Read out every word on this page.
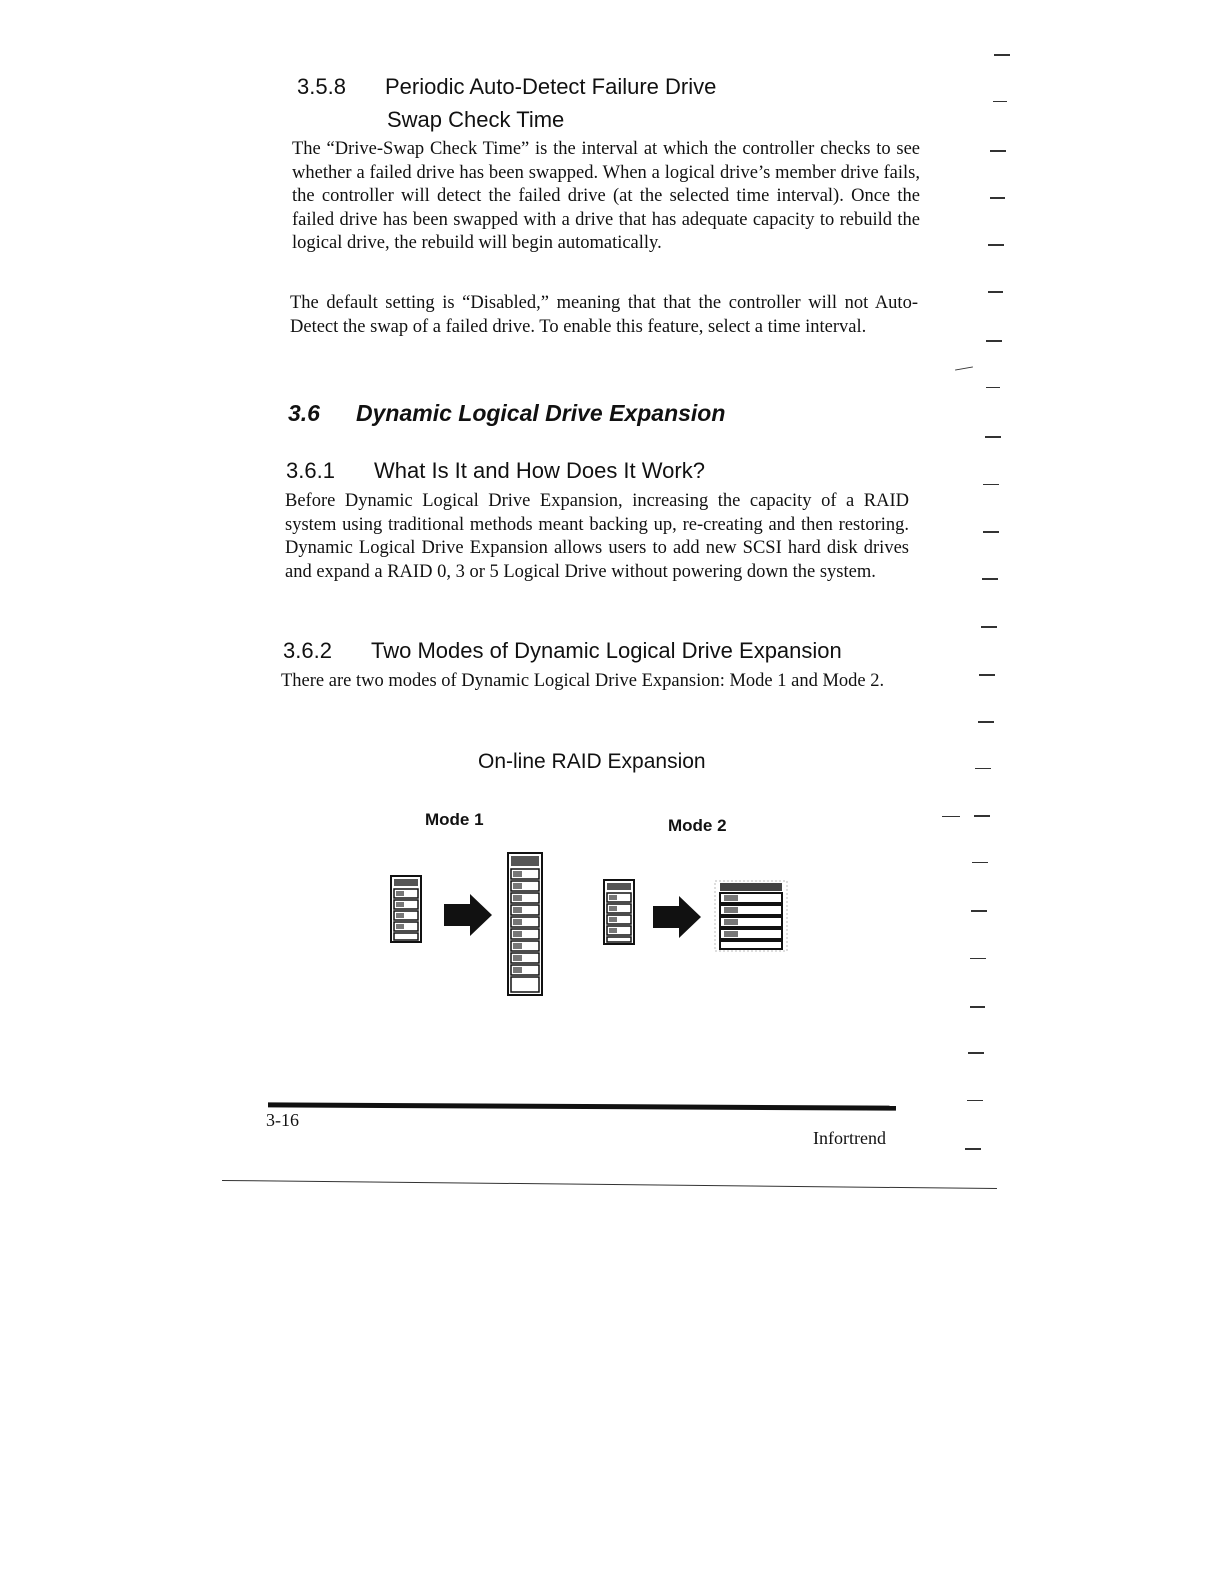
3.5.8 Periodic Auto-Detect Failure Drive
Swap Check Time

The “Drive-Swap Check Time” is the interval at which the controller checks to see whether a failed drive has been swapped. When a logical drive’s member drive fails, the controller will detect the failed drive (at the selected time interval). Once the failed drive has been swapped with a drive that has adequate capacity to rebuild the logical drive, the rebuild will begin automatically.

The default setting is “Disabled,” meaning that that the controller will not Auto-Detect the swap of a failed drive. To enable this feature, select a time interval.

3.6 Dynamic Logical Drive Expansion
3.6.1 What Is It and How Does It Work?

Before Dynamic Logical Drive Expansion, increasing the capacity of a RAID system using traditional methods meant backing up, re-creating and then restoring. Dynamic Logical Drive Expansion allows users to add new SCSI hard disk drives and expand a RAID 0, 3 or 5 Logical Drive without powering down the system.

3.6.2 Two Modes of Dynamic Logical Drive Expansion

There are two modes of Dynamic Logical Drive Expansion: Mode 1 and Mode 2.

On-line RAID Expansion
Mode 1	Mode 2
3-16
Infortrend
